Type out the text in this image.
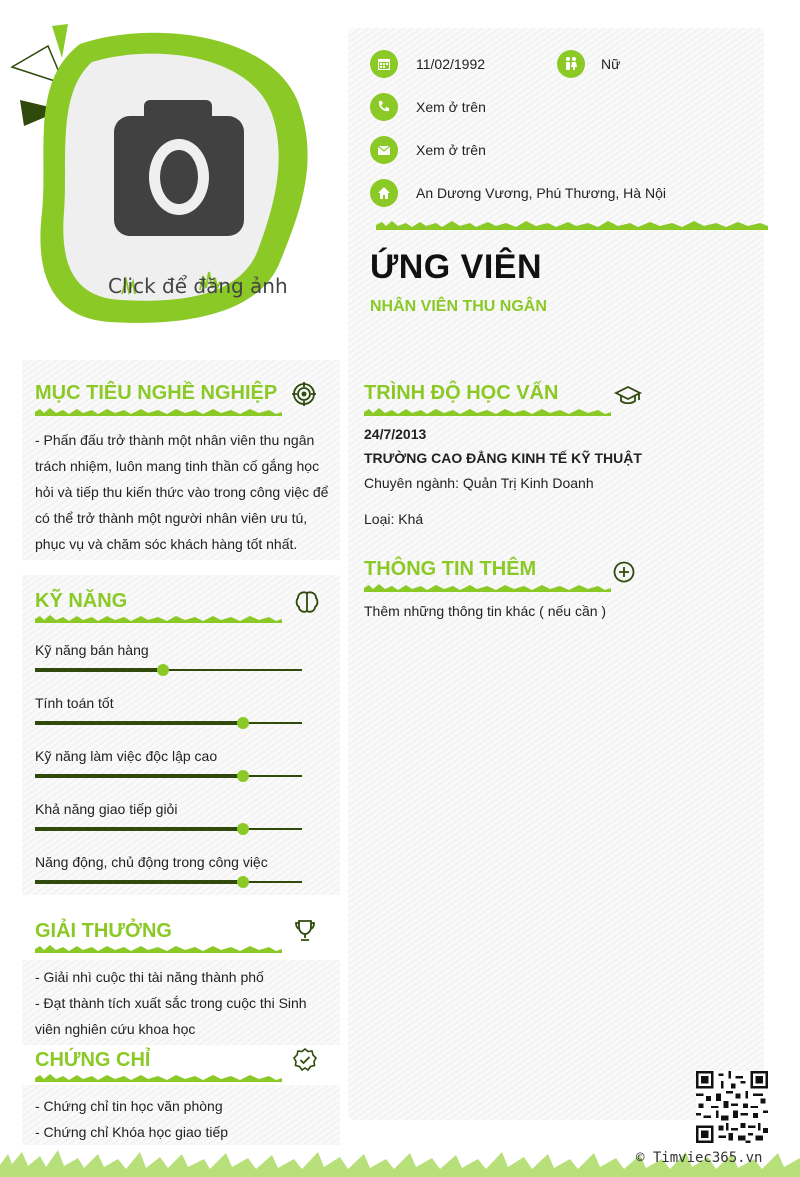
Click để đăng ảnh
11/02/1992	Nữ
Xem ở trên
Xem ở trên
An Dương Vương, Phú Thương, Hà Nội
ỨNG VIÊN
NHÂN VIÊN THU NGÂN
MỤC TIÊU NGHỀ NGHIỆP
- Phấn đấu trở thành một nhân viên thu ngân
trách nhiệm, luôn mang tinh thần cố gắng học
hỏi và tiếp thu kiến thức vào trong công việc để
có thể trở thành một người nhân viên ưu tú,
phục vụ và chăm sóc khách hàng tốt nhất.
KỸ NĂNG
Kỹ năng bán hàng
Tính toán tốt
Kỹ năng làm việc độc lập cao
Khả năng giao tiếp giỏi
Năng động, chủ động trong công việc
GIẢI THƯỞNG
- Giải nhì cuộc thi tài năng thành phố
- Đạt thành tích xuất sắc trong cuộc thi Sinh
viên nghiên cứu khoa học
CHỨNG CHỈ
- Chứng chỉ tin học văn phòng
- Chứng chỉ Khóa học giao tiếp
TRÌNH ĐỘ HỌC VẤN
24/7/2013
TRƯỜNG CAO ĐẲNG KINH TẾ KỸ THUẬT
Chuyên ngành: Quản Trị Kinh Doanh
Loại: Khá
THÔNG TIN THÊM
Thêm những thông tin khác ( nếu cần )
© Timviec365.vn
